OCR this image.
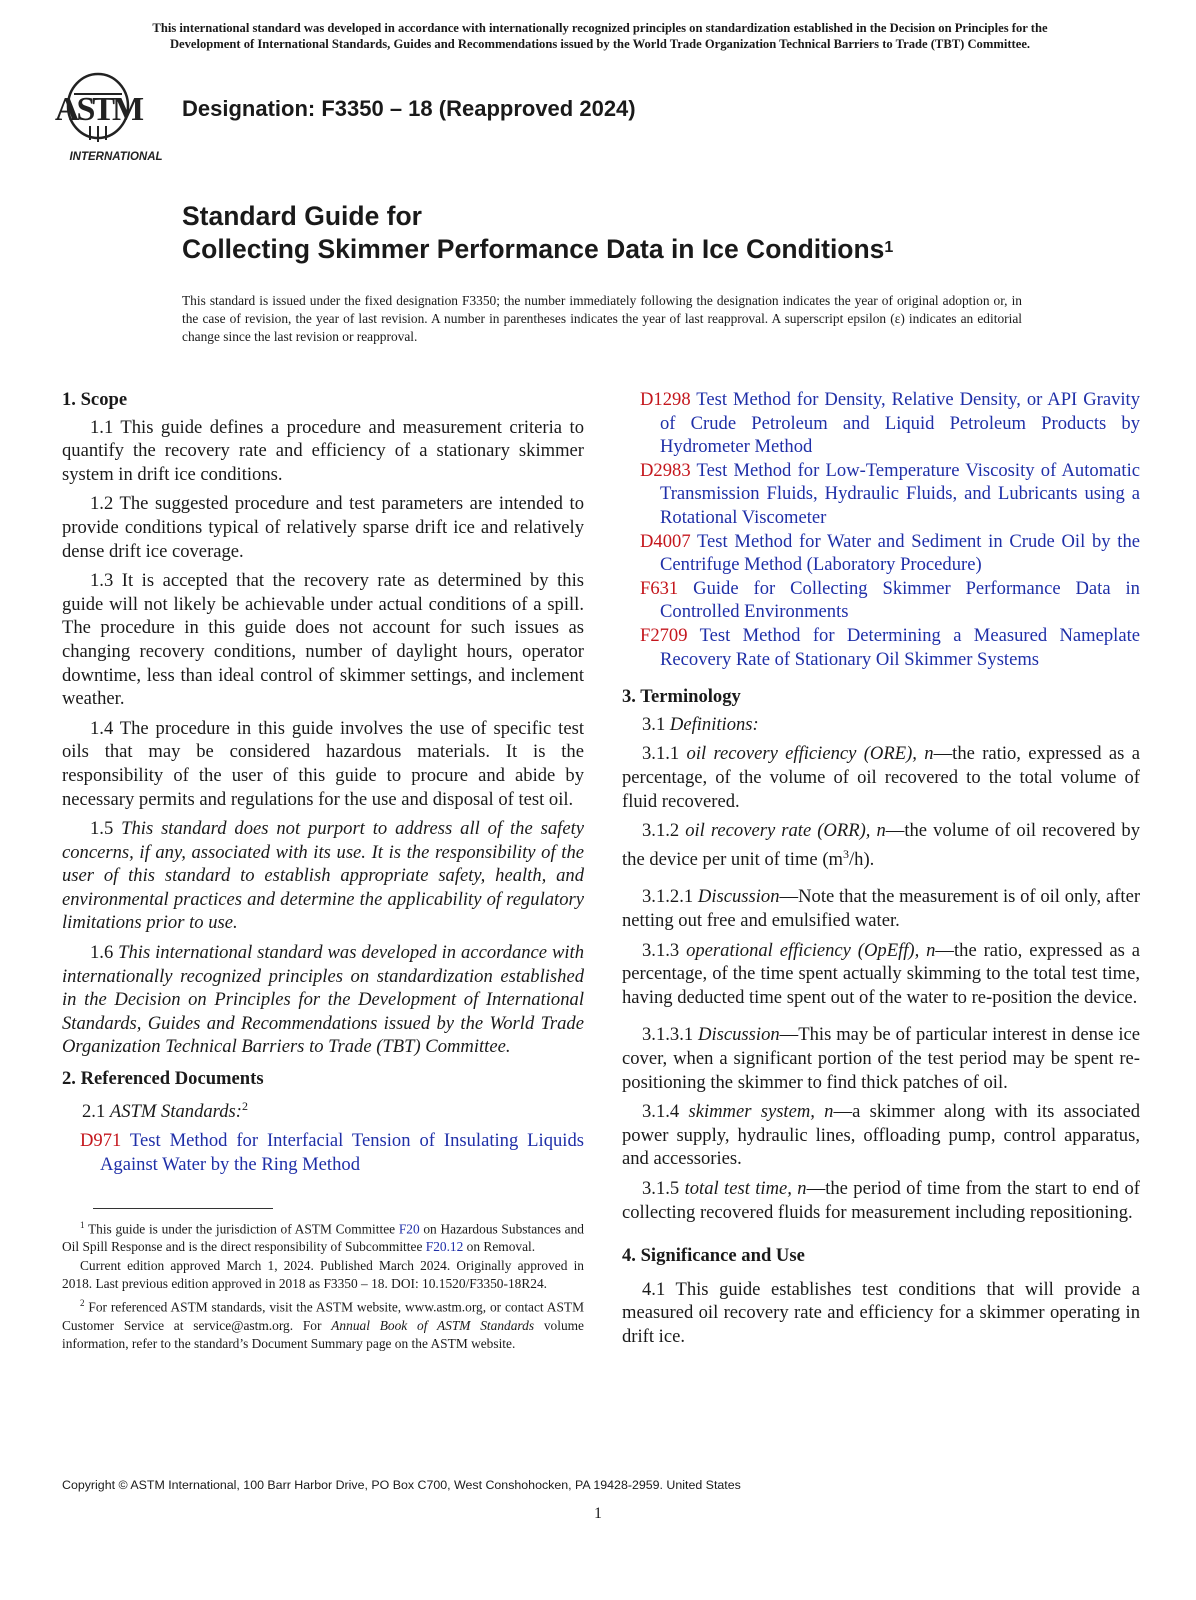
This international standard was developed in accordance with internationally recognized principles on standardization established in the Decision on Principles for the
Development of International Standards, Guides and Recommendations issued by the World Trade Organization Technical Barriers to Trade (TBT) Committee.
ASTM
INTERNATIONAL
Designation: F3350 – 18 (Reapproved 2024)
Standard Guide for
Collecting Skimmer Performance Data in Ice Conditions$^1$
This standard is issued under the fixed designation F3350; the number immediately following the designation indicates the year of original adoption or, in the case of revision, the year of last revision. A number in parentheses indicates the year of last reapproval. A superscript epsilon (ε) indicates an editorial change since the last revision or reapproval.
1. Scope

1.1 This guide defines a procedure and measurement criteria to quantify the recovery rate and efficiency of a stationary skimmer system in drift ice conditions.

1.2 The suggested procedure and test parameters are intended to provide conditions typical of relatively sparse drift ice and relatively dense drift ice coverage.

1.3 It is accepted that the recovery rate as determined by this guide will not likely be achievable under actual conditions of a spill. The procedure in this guide does not account for such issues as changing recovery conditions, number of daylight hours, operator downtime, less than ideal control of skimmer settings, and inclement weather.

1.4 The procedure in this guide involves the use of specific test oils that may be considered hazardous materials. It is the responsibility of the user of this guide to procure and abide by necessary permits and regulations for the use and disposal of test oil.

1.5 This standard does not purport to address all of the safety concerns, if any, associated with its use. It is the responsibility of the user of this standard to establish appropriate safety, health, and environmental practices and determine the applicability of regulatory limitations prior to use.

1.6 This international standard was developed in accordance with internationally recognized principles on standardization established in the Decision on Principles for the Development of International Standards, Guides and Recommendations issued by the World Trade Organization Technical Barriers to Trade (TBT) Committee.

2. Referenced Documents

2.1 ASTM Standards:$^2$

D971 Test Method for Interfacial Tension of Insulating Liquids Against Water by the Ring Method

D1298 Test Method for Density, Relative Density, or API Gravity of Crude Petroleum and Liquid Petroleum Products by Hydrometer Method

D2983 Test Method for Low-Temperature Viscosity of Automatic Transmission Fluids, Hydraulic Fluids, and Lubricants using a Rotational Viscometer

D4007 Test Method for Water and Sediment in Crude Oil by the Centrifuge Method (Laboratory Procedure)

F631 Guide for Collecting Skimmer Performance Data in Controlled Environments

F2709 Test Method for Determining a Measured Nameplate Recovery Rate of Stationary Oil Skimmer Systems

3. Terminology

3.1 Definitions:

3.1.1 oil recovery efficiency (ORE), n—the ratio, expressed as a percentage, of the volume of oil recovered to the total volume of fluid recovered.

3.1.2 oil recovery rate (ORR), n—the volume of oil recovered by the device per unit of time $(m^3/h)$.

3.1.2.1 Discussion—Note that the measurement is of oil only, after netting out free and emulsified water.

3.1.3 operational efficiency (OpEff), n—the ratio, expressed as a percentage, of the time spent actually skimming to the total test time, having deducted time spent out of the water to re-position the device.

3.1.3.1 Discussion—This may be of particular interest in dense ice cover, when a significant portion of the test period may be spent re-positioning the skimmer to find thick patches of oil.

3.1.4 skimmer system, n—a skimmer along with its associated power supply, hydraulic lines, offloading pump, control apparatus, and accessories.

3.1.5 total test time, n—the period of time from the start to end of collecting recovered fluids for measurement including repositioning.

4. Significance and Use

4.1 This guide establishes test conditions that will provide a measured oil recovery rate and efficiency for a skimmer operating in drift ice.

$^1$ This guide is under the jurisdiction of ASTM Committee F20 on Hazardous Substances and Oil Spill Response and is the direct responsibility of Subcommittee F20.12 on Removal.

Current edition approved March 1, 2024. Published March 2024. Originally approved in 2018. Last previous edition approved in 2018 as F3350 – 18. DOI: 10.1520/F3350-18R24.

$^2$ For referenced ASTM standards, visit the ASTM website, www.astm.org, or contact ASTM Customer Service at service@astm.org. For Annual Book of ASTM Standards volume information, refer to the standard’s Document Summary page on the ASTM website.

Copyright © ASTM International, 100 Barr Harbor Drive, PO Box C700, West Conshohocken, PA 19428-2959. United States
1
